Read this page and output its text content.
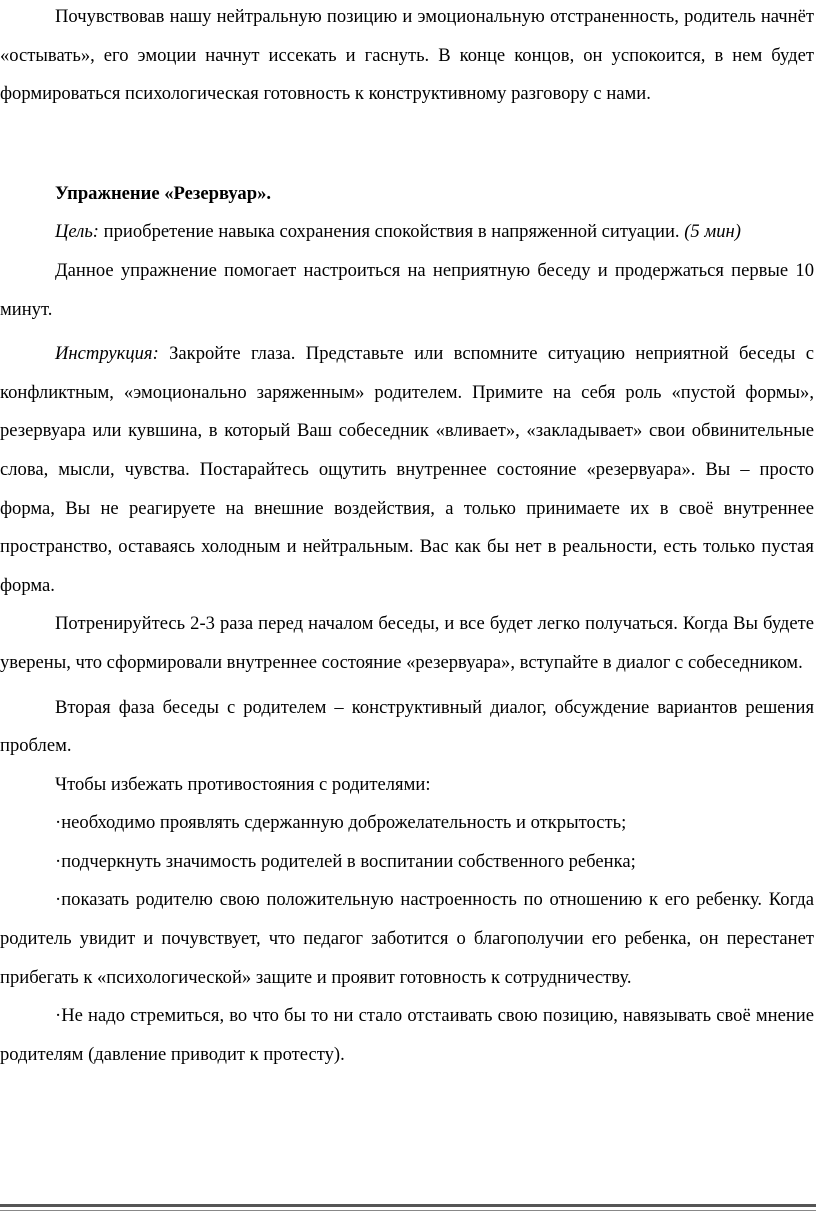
Почувствовав нашу нейтральную позицию и эмоциональную отстраненность, родитель начнёт «остывать», его эмоции начнут иссекать и гаснуть. В конце концов, он успокоится, в нем будет формироваться психологическая готовность к конструктивному разговору с нами.

Упражнение «Резервуар».

Цель: приобретение навыка сохранения спокойствия в напряженной ситуации. (5 мин)

Данное упражнение помогает настроиться на неприятную беседу и продержаться первые 10 минут.

Инструкция: Закройте глаза. Представьте или вспомните ситуацию неприятной беседы с конфликтным, «эмоционально заряженным» родителем. Примите на себя роль «пустой формы», резервуара или кувшина, в который Ваш собеседник «вливает», «закладывает» свои обвинительные слова, мысли, чувства. Постарайтесь ощутить внутреннее состояние «резервуара». Вы – просто форма, Вы не реагируете на внешние воздействия, а только принимаете их в своё внутреннее пространство, оставаясь холодным и нейтральным. Вас как бы нет в реальности, есть только пустая форма.

Потренируйтесь 2-3 раза перед началом беседы, и все будет легко получаться. Когда Вы будете уверены, что сформировали внутреннее состояние «резервуара», вступайте в диалог с собеседником.

Вторая фаза беседы с родителем – конструктивный диалог, обсуждение вариантов решения проблем.

Чтобы избежать противостояния с родителями:

·необходимо проявлять сдержанную доброжелательность и открытость;

·подчеркнуть значимость родителей в воспитании собственного ребенка;

·показать родителю свою положительную настроенность по отношению к его ребенку. Когда родитель увидит и почувствует, что педагог заботится о благополучии его ребенка, он перестанет прибегать к «психологической» защите и проявит готовность к сотрудничеству.

·Не надо стремиться, во что бы то ни стало отстаивать свою позицию, навязывать своё мнение родителям (давление приводит к протесту).
